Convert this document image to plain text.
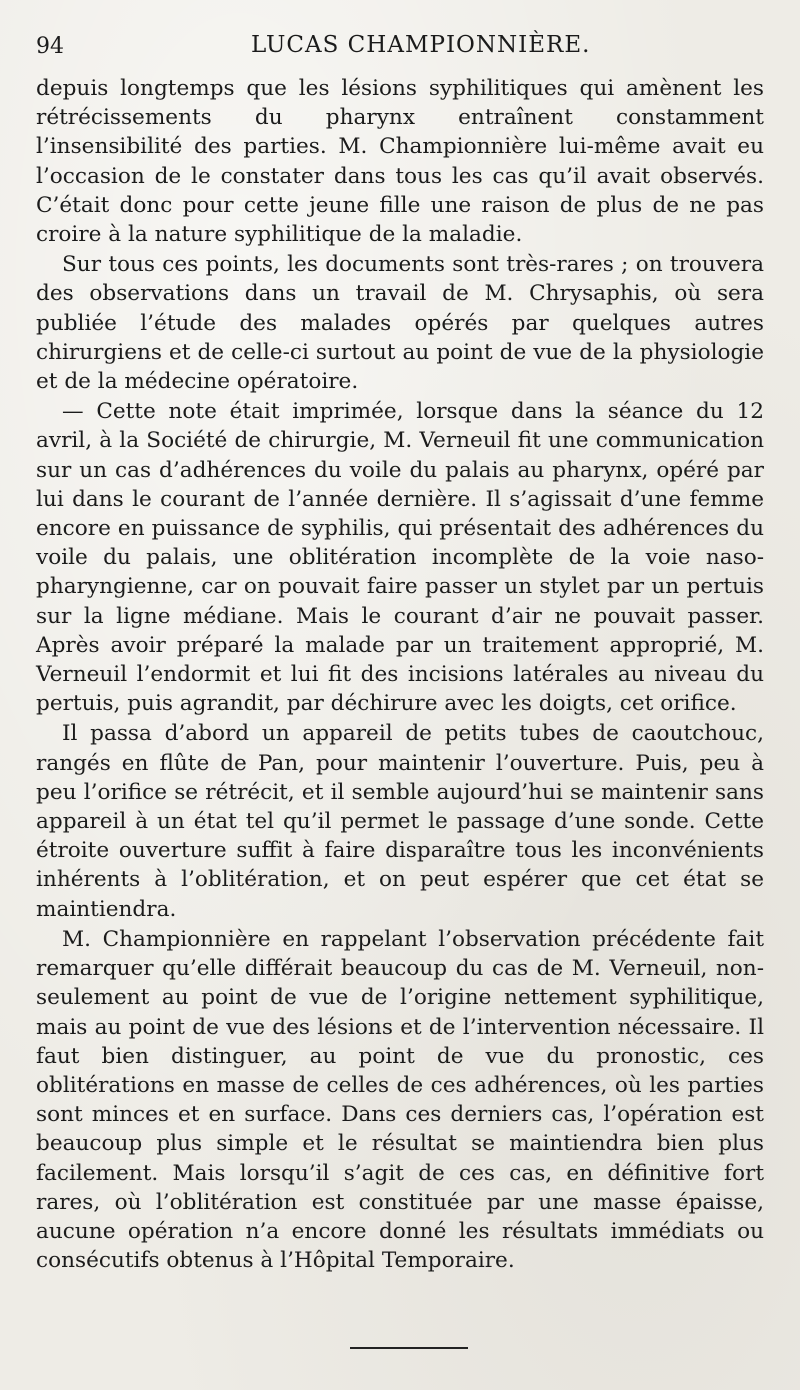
94	LUCAS CHAMPIONNIÈRE.

depuis longtemps que les lésions syphilitiques qui amènent les rétrécissements du pharynx entraînent constamment l’insensibilité des parties. M. Championnière lui-même avait eu l’occasion de le constater dans tous les cas qu’il avait observés. C’était donc pour cette jeune fille une raison de plus de ne pas croire à la nature syphilitique de la maladie.

Sur tous ces points, les documents sont très-rares ; on trouvera des observations dans un travail de M. Chrysaphis, où sera publiée l’étude des malades opérés par quelques autres chirurgiens et de celle-ci surtout au point de vue de la physiologie et de la médecine opératoire.

— Cette note était imprimée, lorsque dans la séance du 12 avril, à la Société de chirurgie, M. Verneuil fit une communication sur un cas d’adhérences du voile du palais au pharynx, opéré par lui dans le courant de l’année dernière. Il s’agissait d’une femme encore en puissance de syphilis, qui présentait des adhérences du voile du palais, une oblitération incomplète de la voie naso-pharyngienne, car on pouvait faire passer un stylet par un pertuis sur la ligne médiane. Mais le courant d’air ne pouvait passer. Après avoir préparé la malade par un traitement approprié, M. Verneuil l’endormit et lui fit des incisions latérales au niveau du pertuis, puis agrandit, par déchirure avec les doigts, cet orifice.

Il passa d’abord un appareil de petits tubes de caoutchouc, rangés en flûte de Pan, pour maintenir l’ouverture. Puis, peu à peu l’orifice se rétrécit, et il semble aujourd’hui se maintenir sans appareil à un état tel qu’il permet le passage d’une sonde. Cette étroite ouverture suffit à faire disparaître tous les inconvénients inhérents à l’oblitération, et on peut espérer que cet état se maintiendra.

M. Championnière en rappelant l’observation précédente fait remarquer qu’elle différait beaucoup du cas de M. Verneuil, non-seulement au point de vue de l’origine nettement syphilitique, mais au point de vue des lésions et de l’intervention nécessaire. Il faut bien distinguer, au point de vue du pronostic, ces oblitérations en masse de celles de ces adhérences, où les parties sont minces et en surface. Dans ces derniers cas, l’opération est beaucoup plus simple et le résultat se maintiendra bien plus facilement. Mais lorsqu’il s’agit de ces cas, en définitive fort rares, où l’oblitération est constituée par une masse épaisse, aucune opération n’a encore donné les résultats immédiats ou consécutifs obtenus à l’Hôpital Temporaire.
